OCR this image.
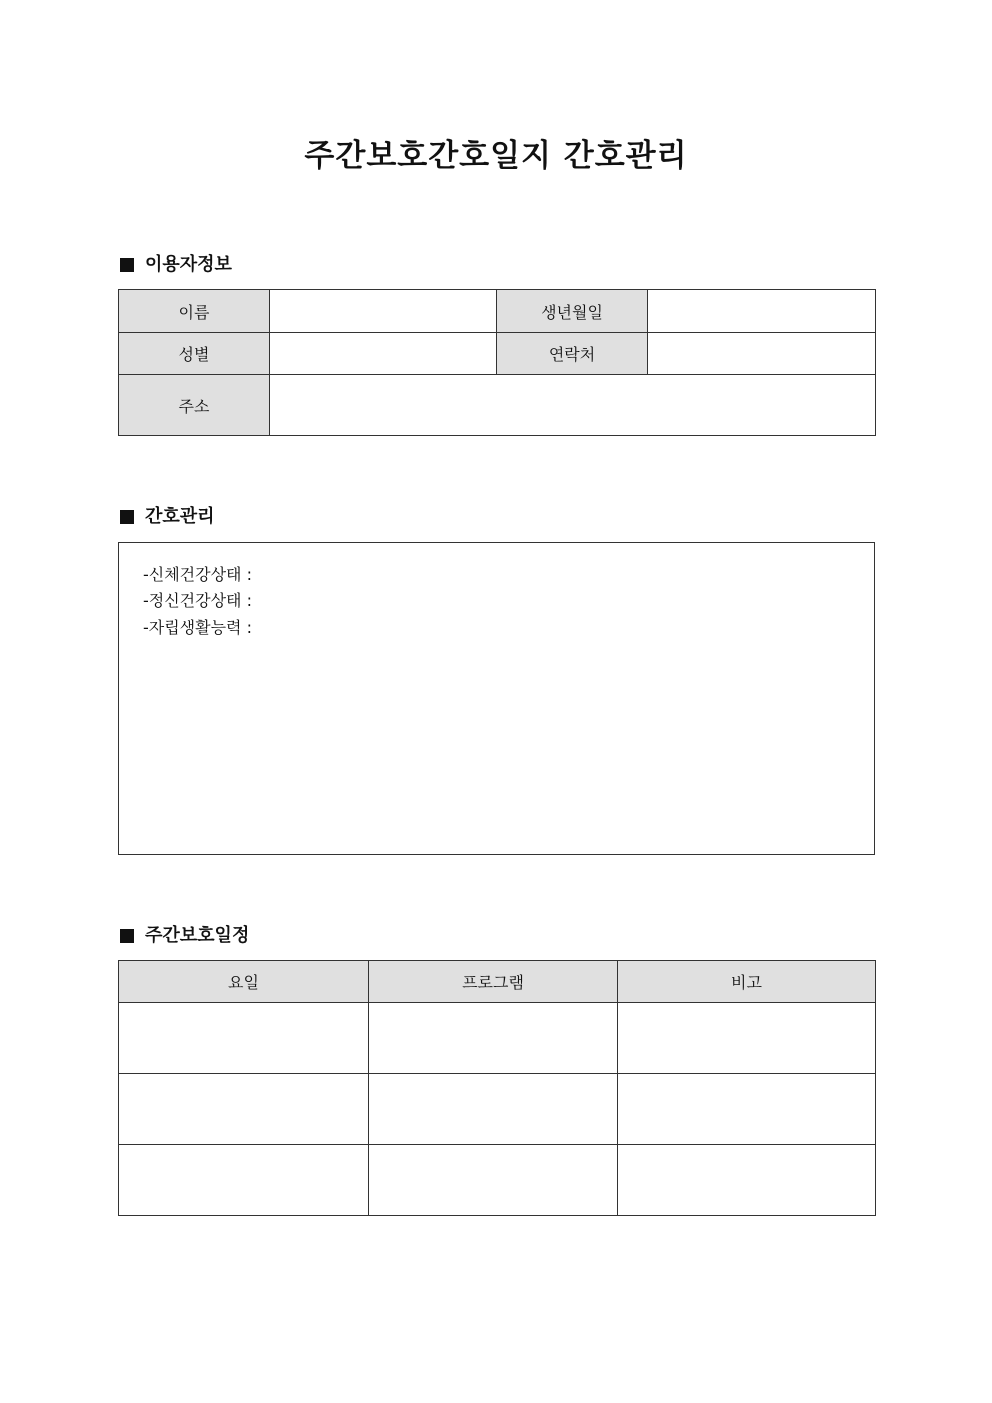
주간보호간호일지 간호관리
이용자정보
이름		생년월일	
성별		연락처	
주소			
간호관리
-신체건강상태 :
-정신건강상태 :
-자립생활능력 :
주간보호일정
요일	프로그램	비고
